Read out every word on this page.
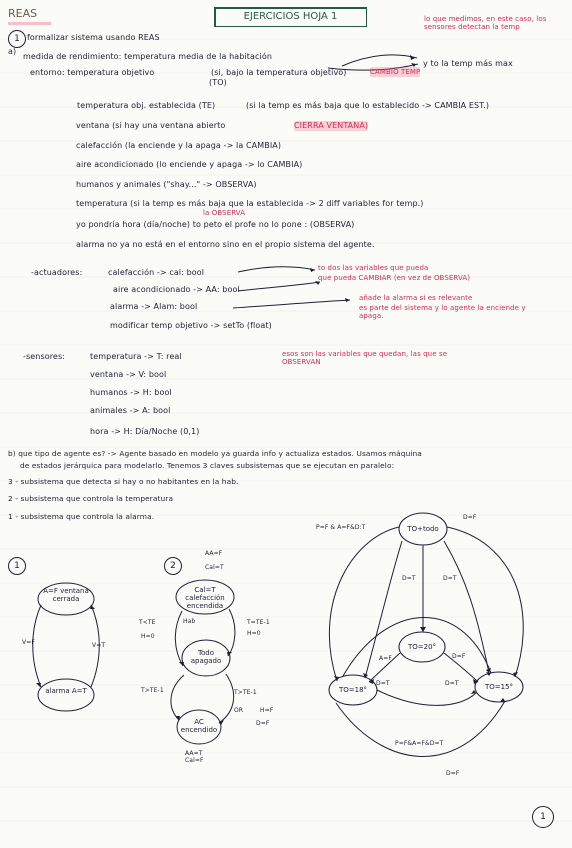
REAS	EJERCICIOS HOJA 1	lo que medimos, en este caso, los sensores detectan la temp
1 formalizar sistema usando REAS
a)
medida de rendimiento: temperatura media de la habitación
y to la temp más max
entorno: temperatura objetivo
(TO)
(si, bajo la temperatura objetivo)	CAMBIO TEMP
temperatura obj. establecida (TE)	(si la temp es más baja que lo establecido -> CAMBIA EST.)
ventana (si hay una ventana abierto	CIERRA VENTANA)
calefacción (la enciende y la apaga -> la CAMBIA)
aire acondicionado (lo enciende y apaga -> lo CAMBIA)
humanos y animales ("shay..." -> OBSERVA)
temperatura (si la temp es más baja que la establecida -> 2 diff variables for temp.)
la OBSERVA
yo pondría hora (día/noche) to peto el profe no lo pone : (OBSERVA)
alarma no ya no está en el entorno sino en el propio sistema del agente.
-actuadores:	calefacción -> cal: bool
aire acondicionado -> AA: bool
alarma -> Alam: bool
modificar temp objetivo -> setTo (float)
to dos las variables que pueda
que pueda CAMBIAR (en vez de OBSERVA)
añade la alarma si es relevante
es parte del sistema y lo agente la enciende y apaga.
-sensores:	temperatura -> T: real
ventana -> V: bool
humanos -> H: bool
animales -> A: bool
hora -> H: Día/Noche (0,1)
esos son las variables que quedan, las que se OBSERVAN
b) que tipo de agente es? -> Agente basado en modelo ya guarda info y actualiza estados. Usamos máquina
de estados jerárquica para modelarlo. Tenemos 3 claves subsistemas que se ejecutan en paralelo:
3 - subsistema que detecta si hay o no habitantes en la hab.
2 - subsistema que controla la temperatura
1 - subsistema que controla la alarma.
1
A=F ventana cerrada
alarma A=T
V=F	V=T
2
Cal=T calefacción encendida
Todo apagado
AC encendido
AA=F
Cal=T
T<TE	Hab
H=0
T=TE-1
H=0
T>TE-1	T>TE-1
OR	H=F
D=F
AA=T Cal=F
P=F & A=F&D:T
D=F
D=T	D=T
A=F	D=F
D=T	D=T
P=F&A=F&D=T
D=F
TO+todo
TO=20°
TO=18°	TO=15°
1
